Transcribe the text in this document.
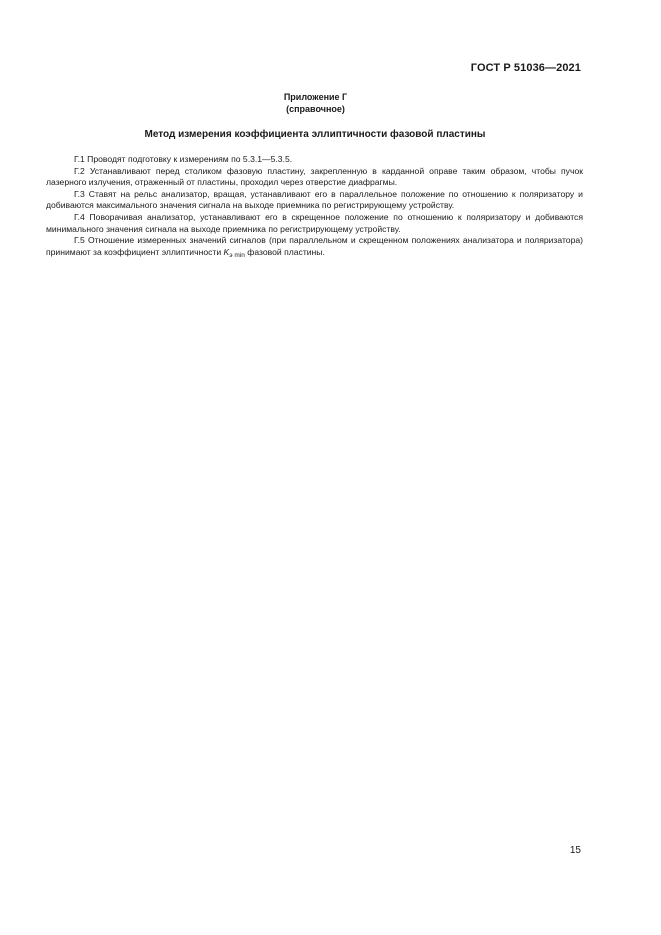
ГОСТ Р 51036—2021
Приложение Г
(справочное)
Метод измерения коэффициента эллиптичности фазовой пластины

Г.1 Проводят подготовку к измерениям по 5.3.1—5.3.5.

Г.2 Устанавливают перед столиком фазовую пластину, закрепленную в карданной оправе таким образом, чтобы пучок лазерного излучения, отраженный от пластины, проходил через отверстие диафрагмы.

Г.3 Ставят на рельс анализатор, вращая, устанавливают его в параллельное положение по отношению к поляризатору и добиваются максимального значения сигнала на выходе приемника по регистрирующему устройству.

Г.4 Поворачивая анализатор, устанавливают его в скрещенное положение по отношению к поляризатору и добиваются минимального значения сигнала на выходе приемника по регистрирующему устройству.

Г.5 Отношение измеренных значений сигналов (при параллельном и скрещенном положениях анализатора и поляризатора) принимают за коэффициент эллиптичности $K_{э min}$ фазовой пластины.

15
